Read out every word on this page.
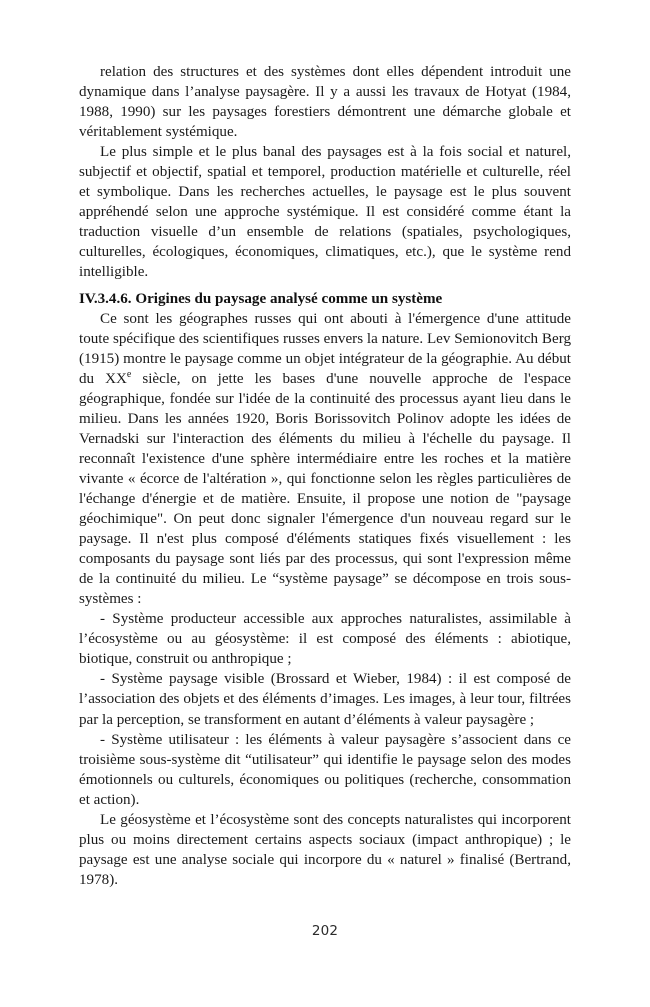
relation des structures et des systèmes dont elles dépendent introduit une dynamique dans l’analyse paysagère. Il y a aussi les travaux de Hotyat (1984, 1988, 1990) sur les paysages forestiers démontrent une démarche globale et véritablement systémique.

Le plus simple et le plus banal des paysages est à la fois social et naturel, subjectif et objectif, spatial et temporel, production matérielle et culturelle, réel et symbolique. Dans les recherches actuelles, le paysage est le plus souvent appréhendé selon une approche systémique. Il est considéré comme étant la traduction visuelle d’un ensemble de relations (spatiales, psychologiques, culturelles, écologiques, économiques, climatiques, etc.), que le système rend intelligible.

IV.3.4.6. Origines du paysage analysé comme un système

Ce sont les géographes russes qui ont abouti à l'émergence d'une attitude toute spécifique des scientifiques russes envers la nature. Lev Semionovitch Berg (1915) montre le paysage comme un objet intégrateur de la géographie. Au début du XXe siècle, on jette les bases d'une nouvelle approche de l'espace géographique, fondée sur l'idée de la continuité des processus ayant lieu dans le milieu. Dans les années 1920, Boris Borissovitch Polinov adopte les idées de Vernadski sur l'interaction des éléments du milieu à l'échelle du paysage. Il reconnaît l'existence d'une sphère intermédiaire entre les roches et la matière vivante « écorce de l'altération », qui fonctionne selon les règles particulières de l'échange d'énergie et de matière. Ensuite, il propose une notion de "paysage géochimique". On peut donc signaler l'émergence d'un nouveau regard sur le paysage. Il n'est plus composé d'éléments statiques fixés visuellement : les composants du paysage sont liés par des processus, qui sont l'expression même de la continuité du milieu. Le “système paysage” se décompose en trois sous-systèmes :

- Système producteur accessible aux approches naturalistes, assimilable à l’écosystème ou au géosystème: il est composé des éléments : abiotique, biotique, construit ou anthropique ;

- Système paysage visible (Brossard et Wieber, 1984) : il est composé de l’association des objets et des éléments d’images. Les images, à leur tour, filtrées par la perception, se transforment en autant d’éléments à valeur paysagère ;

- Système utilisateur : les éléments à valeur paysagère s’associent dans ce troisième sous-système dit “utilisateur” qui identifie le paysage selon des modes émotionnels ou culturels, économiques ou politiques (recherche, consommation et action).

Le géosystème et l’écosystème sont des concepts naturalistes qui incorporent plus ou moins directement certains aspects sociaux (impact anthropique) ; le paysage est une analyse sociale qui incorpore du « naturel » finalisé (Bertrand, 1978).

202
